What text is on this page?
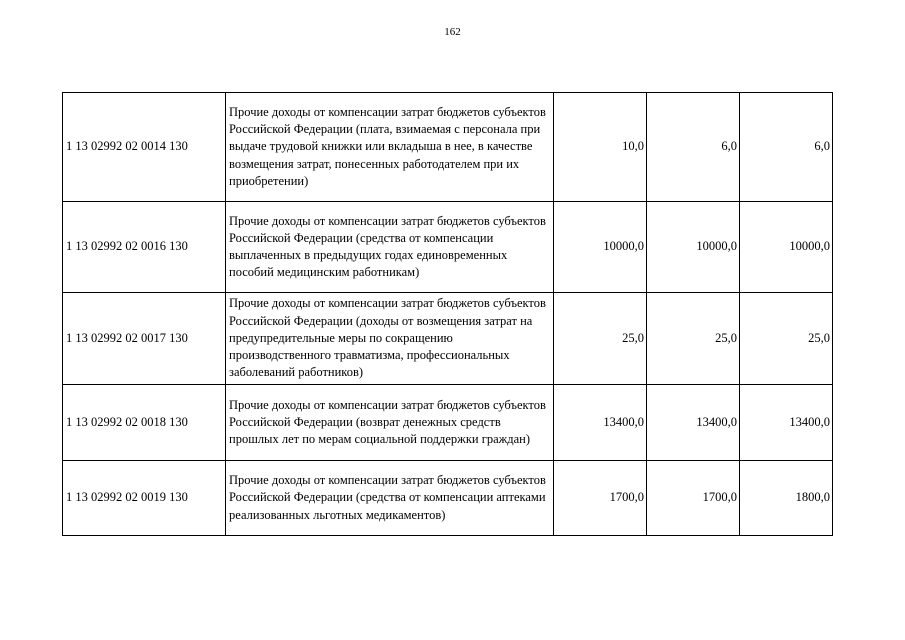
162
1 13 02992 02 0014 130	Прочие доходы от компенсации затрат бюджетов субъектов Российской Федерации (плата, взимаемая с персонала при выдаче трудовой книжки или вкладыша в нее, в качестве возмещения затрат, понесенных работодателем при их приобретении)	10,0	6,0	6,0
1 13 02992 02 0016 130	Прочие доходы от компенсации затрат бюджетов субъектов Российской Федерации (средства от компенсации выплаченных в предыдущих годах единовременных пособий медицинским работникам)	10000,0	10000,0	10000,0
1 13 02992 02 0017 130	Прочие доходы от компенсации затрат бюджетов субъектов Российской Федерации (доходы от возмещения затрат на предупредительные меры по сокращению производственного травматизма, профессиональных заболеваний работников)	25,0	25,0	25,0
1 13 02992 02 0018 130	Прочие доходы от компенсации затрат бюджетов субъектов Российской Федерации (возврат денежных средств прошлых лет по мерам социальной поддержки граждан)	13400,0	13400,0	13400,0
1 13 02992 02 0019 130	Прочие доходы от компенсации затрат бюджетов субъектов Российской Федерации (средства от компенсации аптеками реализованных льготных медикаментов)	1700,0	1700,0	1800,0
